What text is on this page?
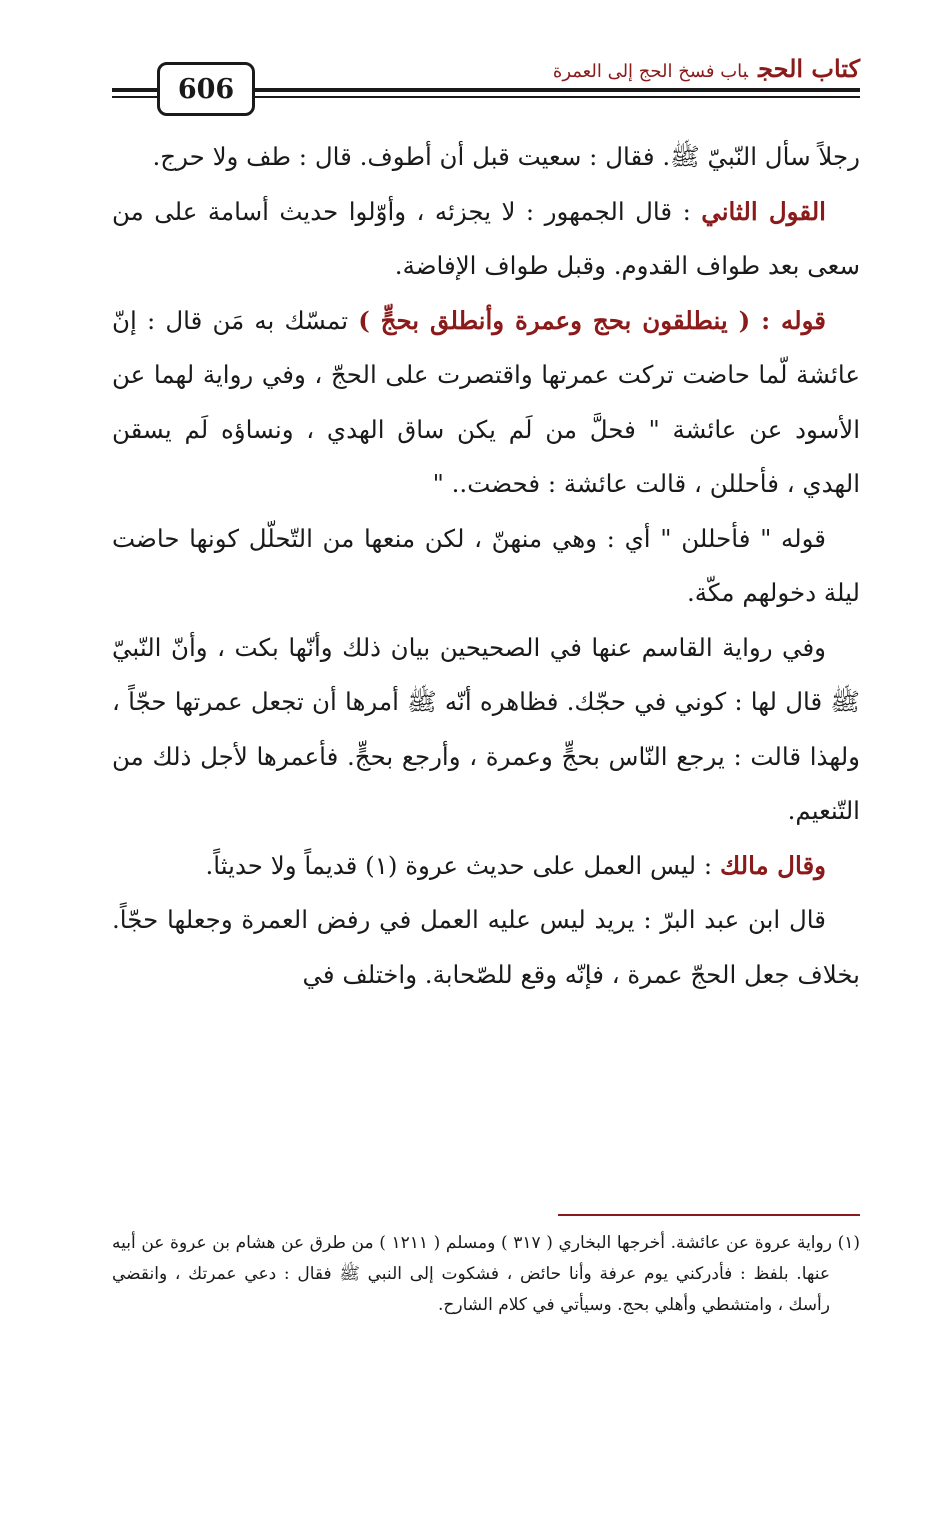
كتاب الحجباب فسخ الحج إلى العمرة
606

رجلاً سأل النّبيّ ﷺ. فقال : سعيت قبل أن أطوف. قال : طف ولا حرج.

القول الثاني : قال الجمهور : لا يجزئه ، وأوّلوا حديث أسامة على من سعى بعد طواف القدوم. وقبل طواف الإفاضة.

قوله : ( ينطلقون بحج وعمرة وأنطلق بحجٍّ ) تمسّك به مَن قال : إنّ عائشة لّما حاضت تركت عمرتها واقتصرت على الحجّ ، وفي رواية لهما عن الأسود عن عائشة " فحلَّ من لَم يكن ساق الهدي ، ونساؤه لَم يسقن الهدي ، فأحللن ، قالت عائشة : فحضت.. "

قوله " فأحللن " أي : وهي منهنّ ، لكن منعها من التّحلّل كونها حاضت ليلة دخولهم مكّة.

وفي رواية القاسم عنها في الصحيحين بيان ذلك وأنّها بكت ، وأنّ النّبيّ ﷺ قال لها : كوني في حجّك. فظاهره أنّه ﷺ أمرها أن تجعل عمرتها حجّاً ، ولهذا قالت : يرجع النّاس بحجٍّ وعمرة ، وأرجع بحجٍّ. فأعمرها لأجل ذلك من التّنعيم.

وقال مالك : ليس العمل على حديث عروة (١) قديماً ولا حديثاً.

قال ابن عبد البرّ : يريد ليس عليه العمل في رفض العمرة وجعلها حجّاً. بخلاف جعل الحجّ عمرة ، فإنّه وقع للصّحابة. واختلف في

(١) رواية عروة عن عائشة. أخرجها البخاري ( ٣١٧ ) ومسلم ( ١٢١١ ) من طرق عن هشام بن عروة عن أبيه عنها. بلفظ : فأدركني يوم عرفة وأنا حائض ، فشكوت إلى النبي ﷺ فقال : دعي عمرتك ، وانقضي رأسك ، وامتشطي وأهلي بحج. وسيأتي في كلام الشارح.
